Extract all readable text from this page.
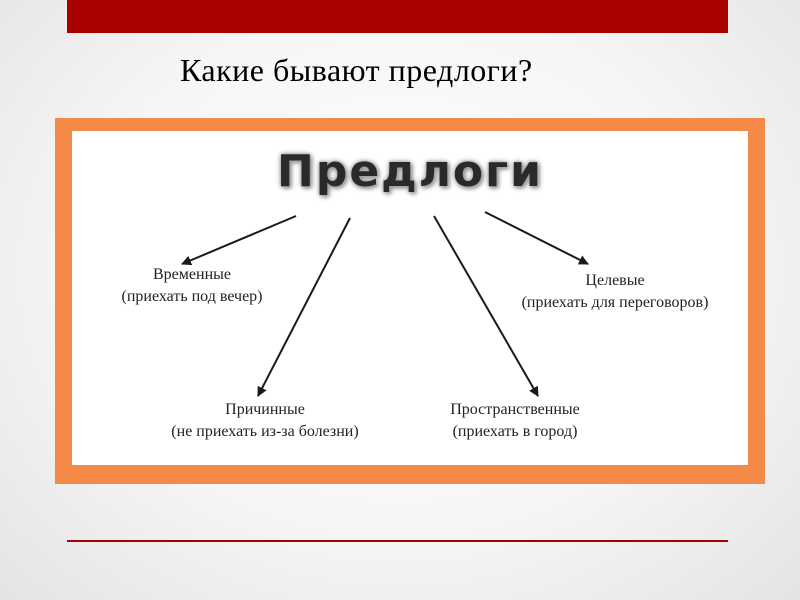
Какие бывают предлоги?
Предлоги
Временные
(приехать под вечер)
Целевые
(приехать для переговоров)
Причинные
(не приехать из-за болезни)
Пространственные
(приехать в город)
